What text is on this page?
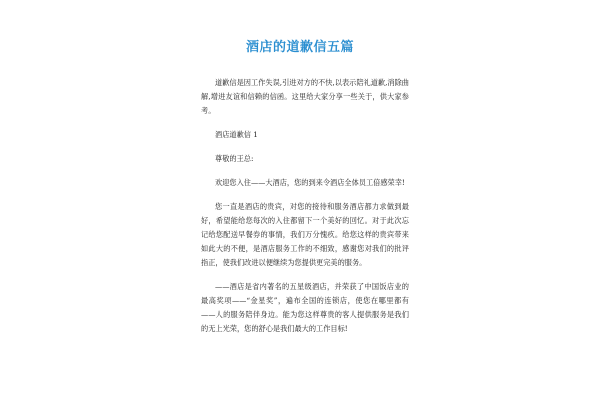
酒店的道歉信五篇

道歉信是因工作失误,引进对方的不快,以表示陪礼道歉,消除曲解,增进友谊和信赖的信函。这里给大家分享一些关于，供大家参考。

酒店道歉信 1

尊敬的王总:

欢迎您入住——大酒店，您的到来令酒店全体员工倍感荣幸!

您一直是酒店的贵宾，对您的接待和服务酒店都力求做到最好，希望能给您每次的入住都留下一个美好的回忆。对于此次忘记给您配送早餐券的事情，我们万分愧疚。给您这样的贵宾带来如此大的不便，是酒店服务工作的不细致，感谢您对我们的批评指正，使我们改进以便继续为您提供更完美的服务。

——酒店是省内著名的五星级酒店，并荣获了中国饭店业的最高奖项——“金星奖”，遍布全国的连锁店，使您在哪里都有——人的服务陪伴身边。能为您这样尊贵的客人提供服务是我们的无上光荣，您的舒心是我们最大的工作目标!
